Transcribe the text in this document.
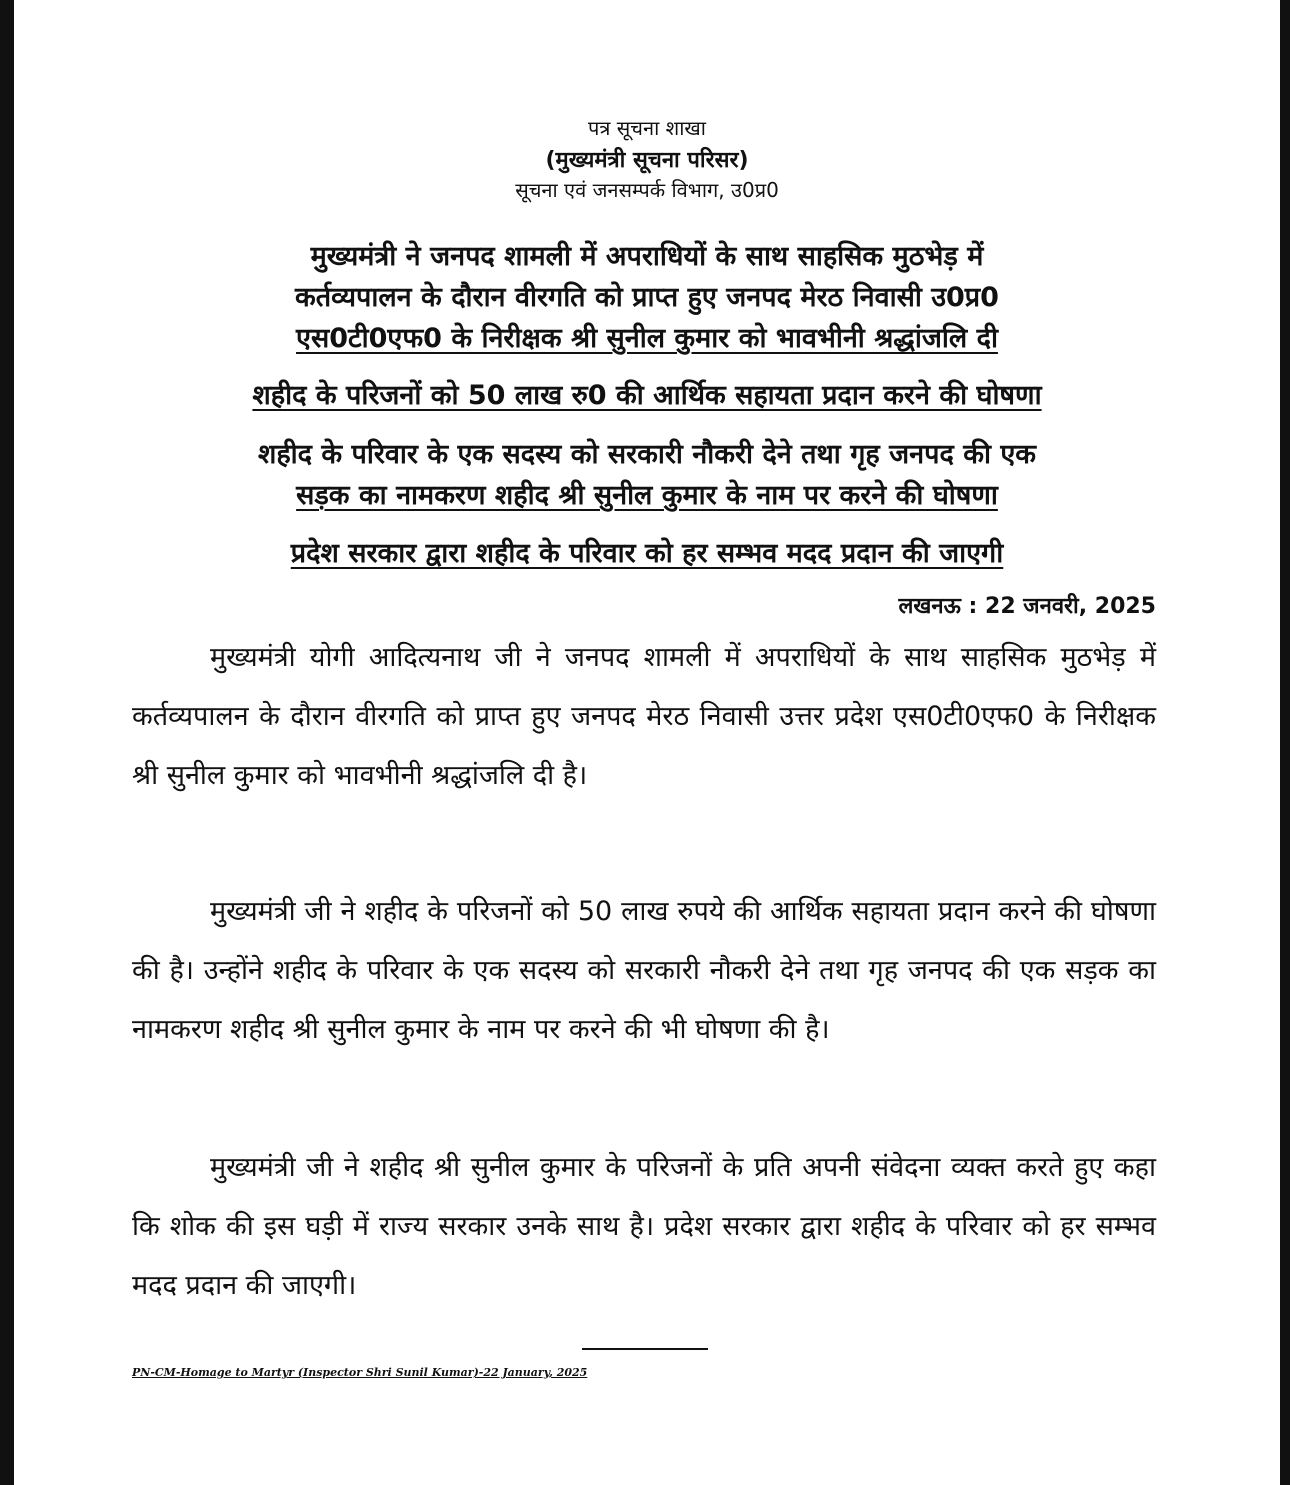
पत्र सूचना शाखा
(मुख्यमंत्री सूचना परिसर)
सूचना एवं जनसम्पर्क विभाग, उ0प्र0
मुख्यमंत्री ने जनपद शामली में अपराधियों के साथ साहसिक मुठभेड़ में
कर्तव्यपालन के दौरान वीरगति को प्राप्त हुए जनपद मेरठ निवासी उ0प्र0
एस0टी0एफ0 के निरीक्षक श्री सुनील कुमार को भावभीनी श्रद्धांजलि दी
शहीद के परिजनों को 50 लाख रु0 की आर्थिक सहायता प्रदान करने की घोषणा
शहीद के परिवार के एक सदस्य को सरकारी नौकरी देने तथा गृह जनपद की एक
सड़क का नामकरण शहीद श्री सुनील कुमार के नाम पर करने की घोषणा
प्रदेश सरकार द्वारा शहीद के परिवार को हर सम्भव मदद प्रदान की जाएगी
लखनऊ : 22 जनवरी, 2025
मुख्यमंत्री योगी आदित्यनाथ जी ने जनपद शामली में अपराधियों के साथ साहसिक मुठभेड़ में कर्तव्यपालन के दौरान वीरगति को प्राप्त हुए जनपद मेरठ निवासी उत्तर प्रदेश एस0टी0एफ0 के निरीक्षक श्री सुनील कुमार को भावभीनी श्रद्धांजलि दी है।
मुख्यमंत्री जी ने शहीद के परिजनों को 50 लाख रुपये की आर्थिक सहायता प्रदान करने की घोषणा की है। उन्होंने शहीद के परिवार के एक सदस्य को सरकारी नौकरी देने तथा गृह जनपद की एक सड़क का नामकरण शहीद श्री सुनील कुमार के नाम पर करने की भी घोषणा की है।
मुख्यमंत्री जी ने शहीद श्री सुनील कुमार के परिजनों के प्रति अपनी संवेदना व्यक्त करते हुए कहा कि शोक की इस घड़ी में राज्य सरकार उनके साथ है। प्रदेश सरकार द्वारा शहीद के परिवार को हर सम्भव मदद प्रदान की जाएगी।
PN-CM-Homage to Martyr (Inspector Shri Sunil Kumar)-22 January, 2025
